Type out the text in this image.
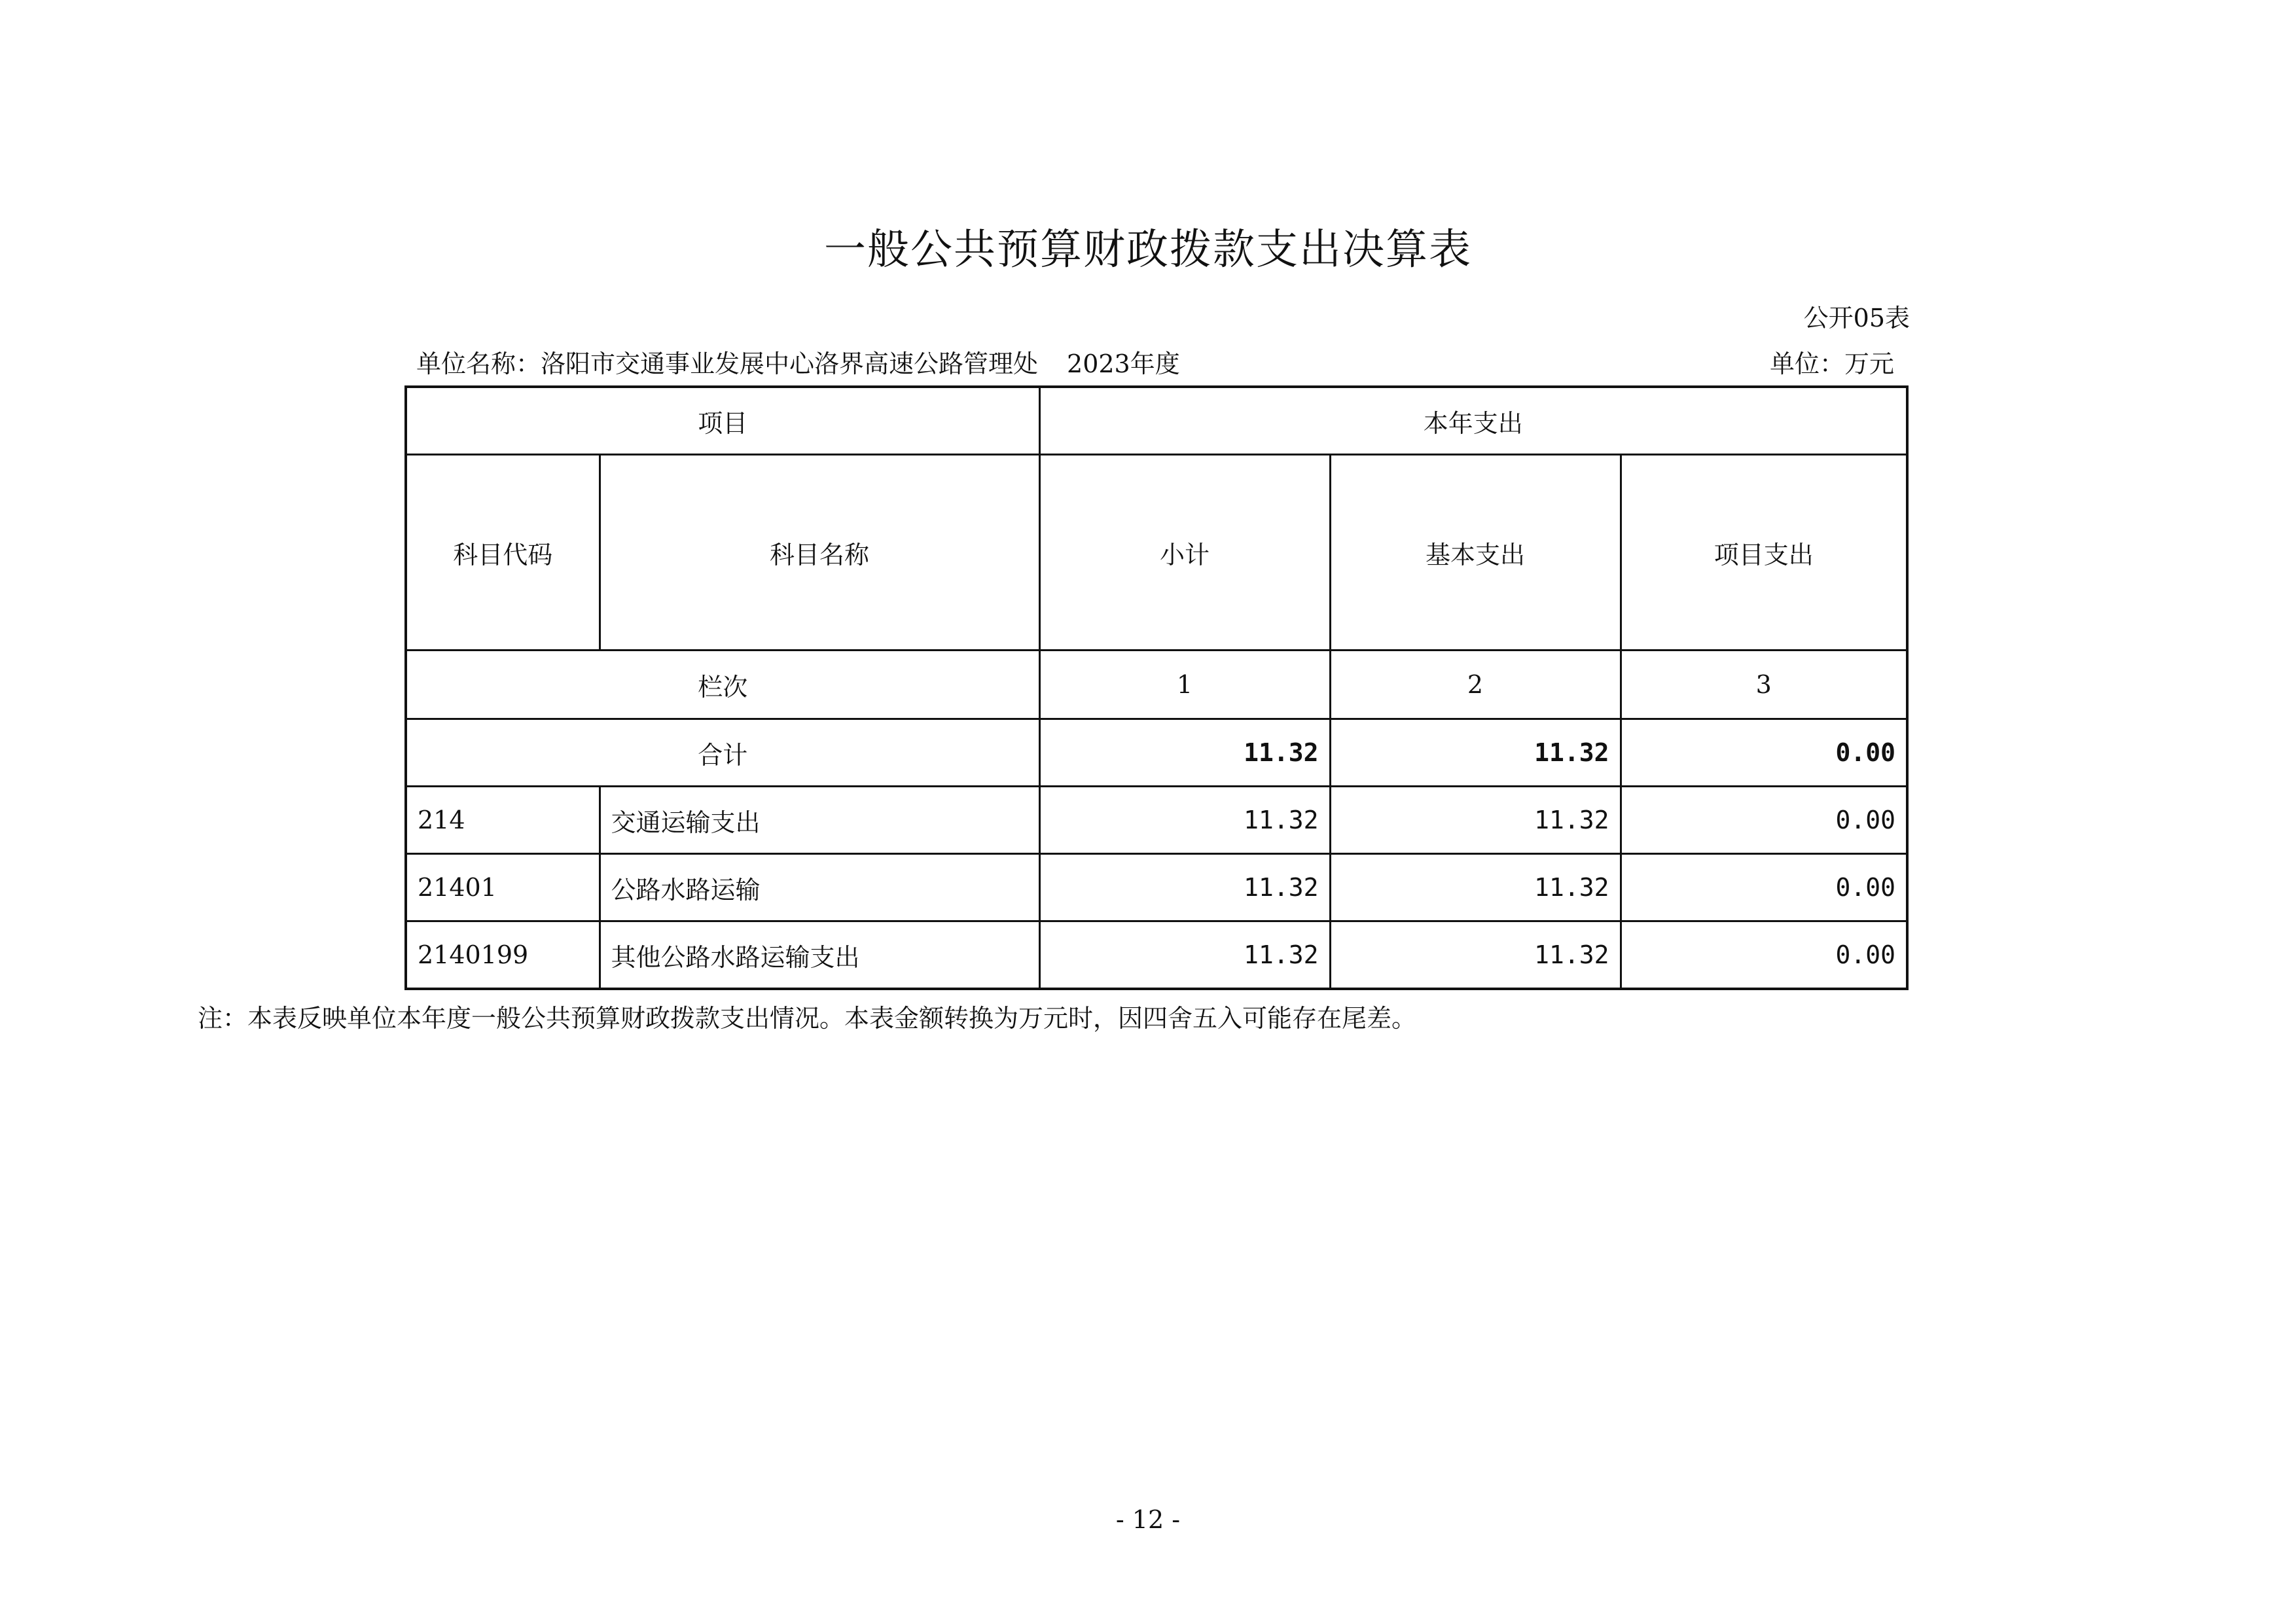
一般公共预算财政拨款支出决算表
公开05表
单位名称：洛阳市交通事业发展中心洛界高速公路管理处 2023年度	单位：万元
项目		本年支出		
科目代码	科目名称	小计	基本支出	项目支出
栏次		1	2	3
合计		11.32	11.32	0.00
214	交通运输支出	11.32	11.32	0.00
21401	公路水路运输	11.32	11.32	0.00
2140199	其他公路水路运输支出	11.32	11.32	0.00
注：本表反映单位本年度一般公共预算财政拨款支出情况。本表金额转换为万元时，因四舍五入可能存在尾差。
- 12 -
